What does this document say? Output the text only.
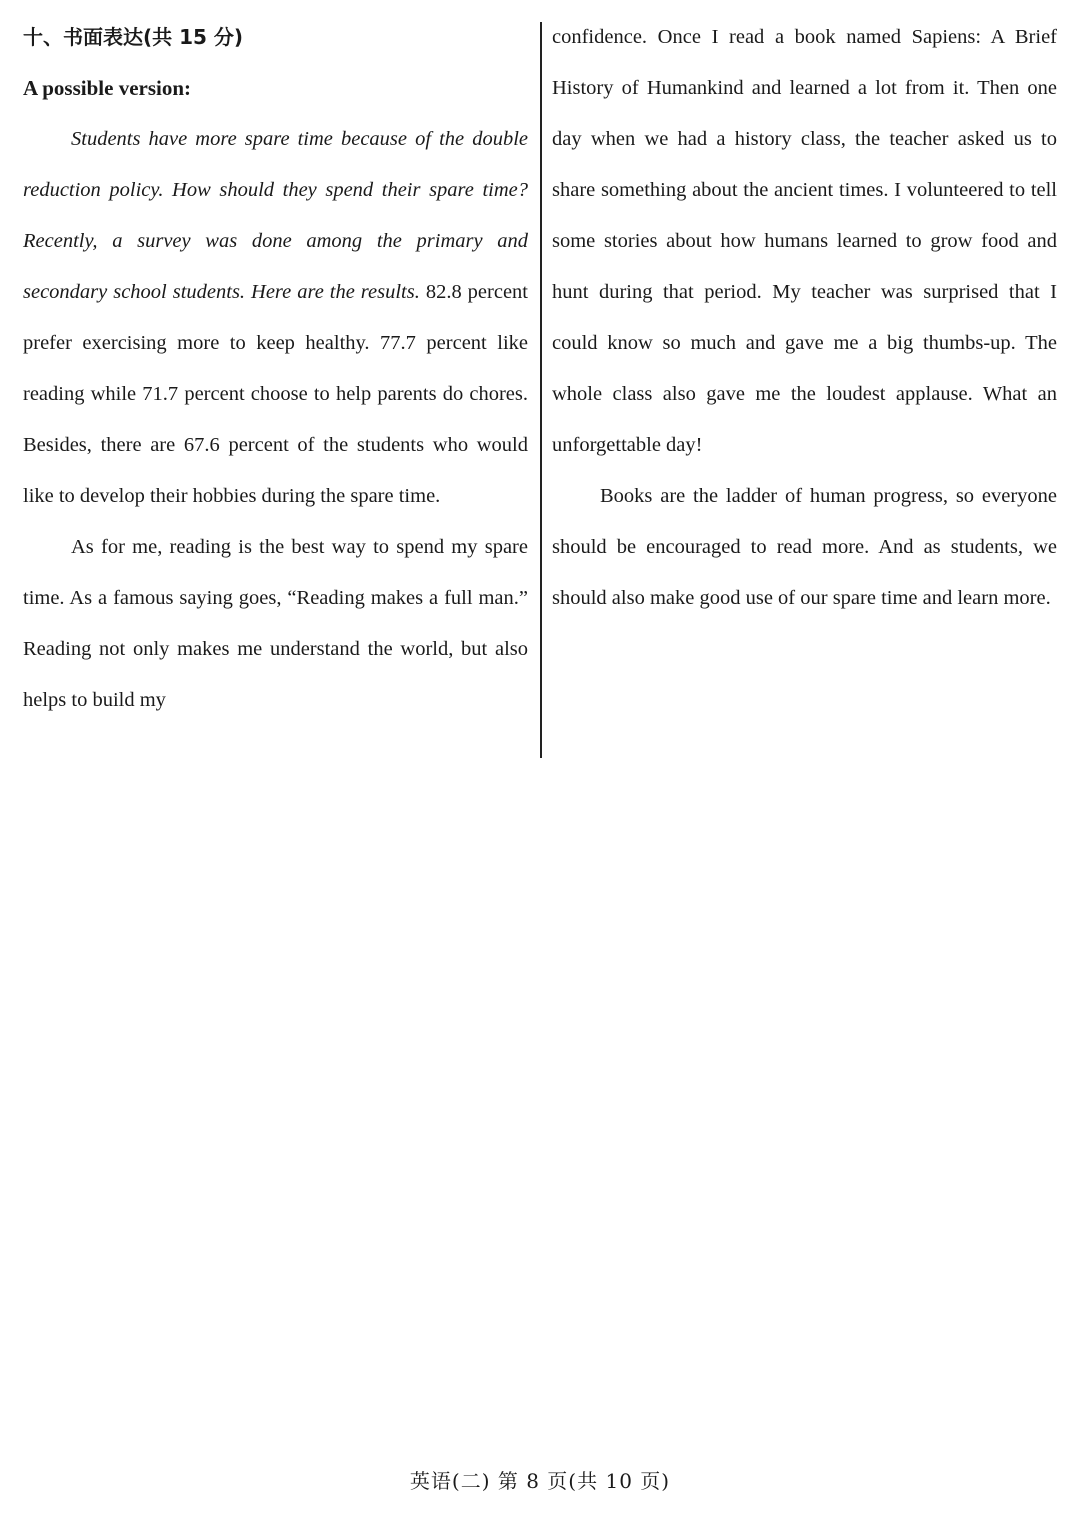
十、书面表达(共 15 分)

A possible version:

Students have more spare time because of the double reduction policy. How should they spend their spare time? Recently, a survey was done among the primary and secondary school students. Here are the results. 82.8 percent prefer exercising more to keep healthy. 77.7 percent like reading while 71.7 percent choose to help parents do chores. Besides, there are 67.6 percent of the students who would like to develop their hobbies during the spare time.

As for me, reading is the best way to spend my spare time. As a famous saying goes, “Reading makes a full man.” Reading not only makes me understand the world, but also helps to build my

confidence. Once I read a book named Sapiens: A Brief History of Humankind and learned a lot from it. Then one day when we had a history class, the teacher asked us to share something about the ancient times. I volunteered to tell some stories about how humans learned to grow food and hunt during that period. My teacher was surprised that I could know so much and gave me a big thumbs-up. The whole class also gave me the loudest applause. What an unforgettable day!

Books are the ladder of human progress, so everyone should be encouraged to read more. And as students, we should also make good use of our spare time and learn more.

英语(二) 第 8 页(共 10 页)
